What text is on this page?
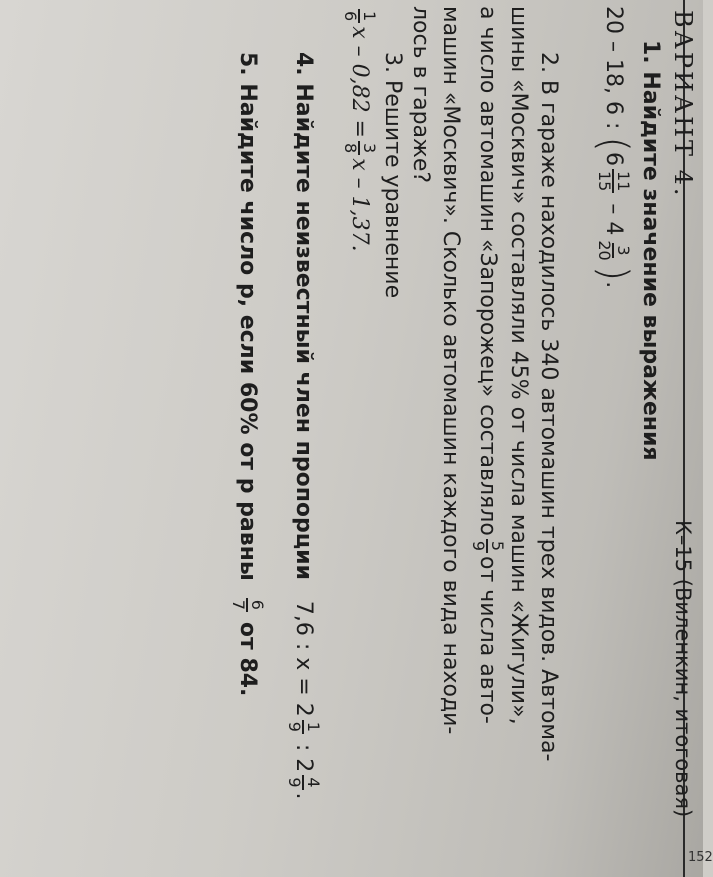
152
ВАРИАНТ 4.
К–15 (Виленкин, итоговая)
1. Найдите значение выражения
20 – 18, 6 : (6
11
15
– 4
3
20
).
2. В гараже находилось 340 автомашин трех видов. Автома-
шины «Москвич» составляли 45% от числа машин «Жигули»,
а число автомашин «Запорожец» составляло
5
9
от числа авто-
машин «Москвич». Сколько автомашин каждого вида находи-
лось в гараже?
3. Решите уравнение
1
6
x – 0,82 =
3
8
x – 1,37.
4. Найдите неизвестный член пропорции   7,6 : x = 2
1
9
: 2
4
9
.
5. Найдите число p, если 60% от p равны
6
7
от 84.
